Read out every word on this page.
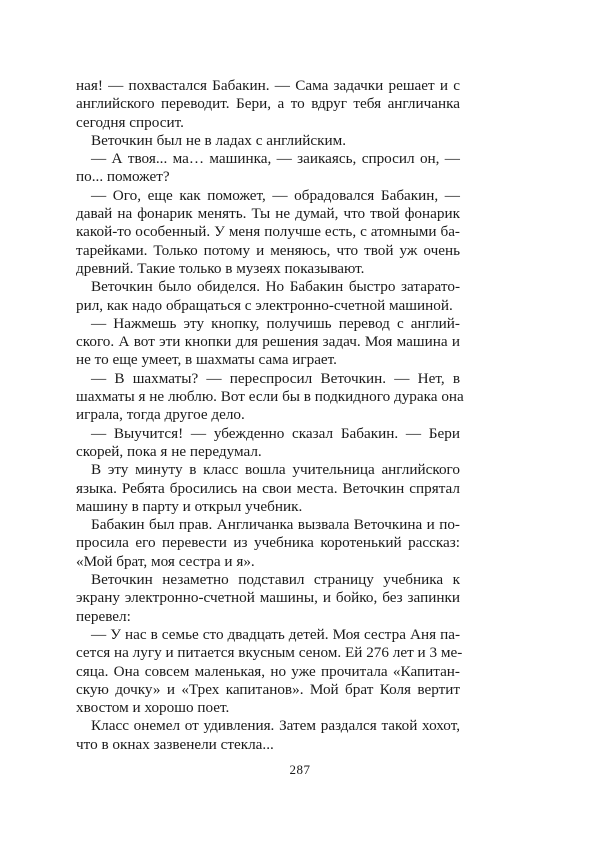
ная! — похвастался Бабакин. — Сама задачки решает и с
английского переводит. Бери, а то вдруг тебя англичанка
сегодня спросит.
Веточкин был не в ладах с английским.
— А твоя... ма… машинка, — заикаясь, спросил он, —
по... поможет?
— Ого, еще как поможет, — обрадовался Бабакин, —
давай на фонарик менять. Ты не думай, что твой фонарик
какой-то особенный. У меня получше есть, с атомными ба-
тарейками. Только потому и меняюсь, что твой уж очень
древний. Такие только в музеях показывают.
Веточкин было обиделся. Но Бабакин быстро затарато-
рил, как надо обращаться с электронно-счетной машиной.
— Нажмешь эту кнопку, получишь перевод с англий-
ского. А вот эти кнопки для решения задач. Моя машина и
не то еще умеет, в шахматы сама играет.
— В шахматы? — переспросил Веточкин. — Нет, в
шахматы я не люблю. Вот если бы в подкидного дурака она
играла, тогда другое дело.
— Выучится! — убежденно сказал Бабакин. — Бери
скорей, пока я не передумал.
В эту минуту в класс вошла учительница английского
языка. Ребята бросились на свои места. Веточкин спрятал
машину в парту и открыл учебник.
Бабакин был прав. Англичанка вызвала Веточкина и по-
просила его перевести из учебника коротенький рассказ:
«Мой брат, моя сестра и я».
Веточкин незаметно подставил страницу учебника к
экрану электронно-счетной машины, и бойко, без запинки
перевел:
— У нас в семье сто двадцать детей. Моя сестра Аня па-
сется на лугу и питается вкусным сеном. Ей 276 лет и 3 ме-
сяца. Она совсем маленькая, но уже прочитала «Капитан-
скую дочку» и «Трех капитанов». Мой брат Коля вертит
хвостом и хорошо поет.
Класс онемел от удивления. Затем раздался такой хохот,
что в окнах зазвенели стекла...
287
